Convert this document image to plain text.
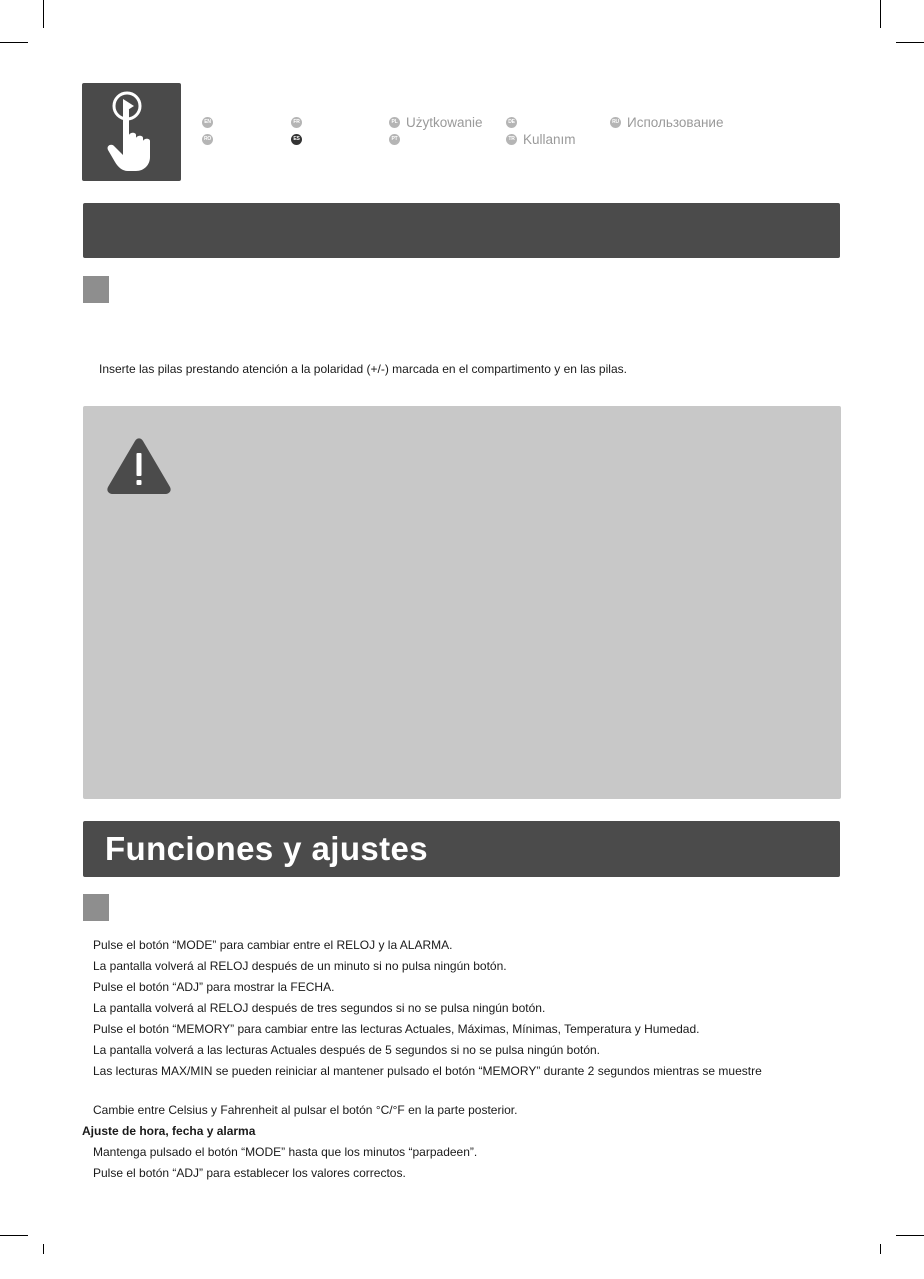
EN	FR	PL Użytkowanie	DE	RU Использование
RO	ES	PT	TR Kullanım
Inserte las pilas prestando atención a la polaridad (+/-) marcada en el compartimento y en las pilas.
Funciones y ajustes
Pulse el botón “MODE” para cambiar entre el RELOJ y la ALARMA.
La pantalla volverá al RELOJ después de un minuto si no pulsa ningún botón.
Pulse el botón “ADJ” para mostrar la FECHA.
La pantalla volverá al RELOJ después de tres segundos si no se pulsa ningún botón.
Pulse el botón “MEMORY” para cambiar entre las lecturas Actuales, Máximas, Mínimas, Temperatura y Humedad.
La pantalla volverá a las lecturas Actuales después de 5 segundos si no se pulsa ningún botón.
Las lecturas MAX/MIN se pueden reiniciar al mantener pulsado el botón “MEMORY” durante 2 segundos mientras se muestre
Cambie entre Celsius y Fahrenheit al pulsar el botón °C/°F en la parte posterior.
Ajuste de hora, fecha y alarma
Mantenga pulsado el botón “MODE” hasta que los minutos “parpadeen”.
Pulse el botón “ADJ” para establecer los valores correctos.
